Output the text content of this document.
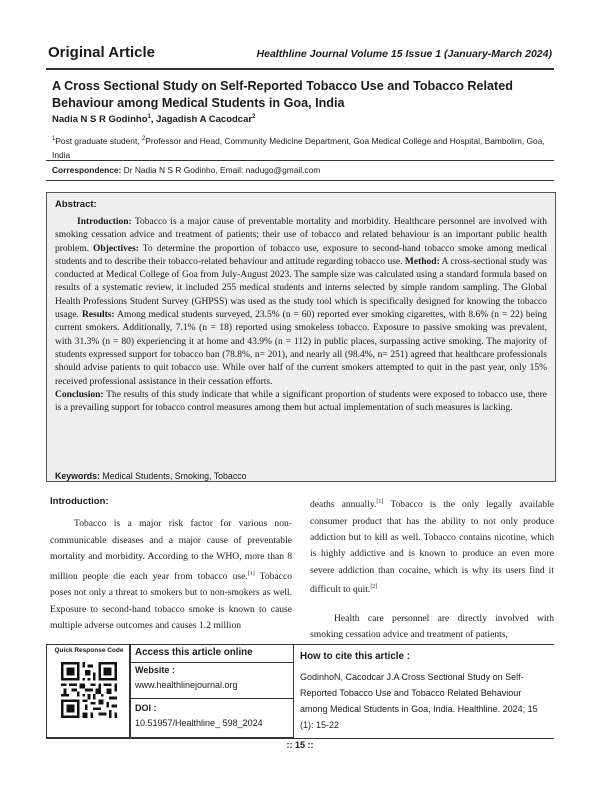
Original Article	Healthline Journal Volume 15 Issue 1 (January-March 2024)
A Cross Sectional Study on Self-Reported Tobacco Use and Tobacco Related Behaviour among Medical Students in Goa, India
Nadia N S R Godinho$^1$, Jagadish A Cacodcar$^2$
$^1$Post graduate student, $^2$Professor and Head, Community Medicine Department, Goa Medical College and Hospital, Bambolim, Goa, India
Correspondence: Dr Nadia N S R Godinho, Email: nadugo@gmail.com
Abstract:

Introduction: Tobacco is a major cause of preventable mortality and morbidity. Healthcare personnel are involved with smoking cessation advice and treatment of patients; their use of tobacco and related behaviour is an important public health problem. Objectives: To determine the proportion of tobacco use, exposure to second-hand tobacco smoke among medical students and to describe their tobacco-related behaviour and attitude regarding tobacco use. Method: A cross-sectional study was conducted at Medical College of Goa from July-August 2023. The sample size was calculated using a standard formula based on results of a systematic review, it included 255 medical students and interns selected by simple random sampling. The Global Health Professions Student Survey (GHPSS) was used as the study tool which is specifically designed for knowing the tobacco usage. Results: Among medical students surveyed, 23.5% (n = 60) reported ever smoking cigarettes, with 8.6% (n = 22) being current smokers. Additionally, 7.1% (n = 18) reported using smokeless tobacco. Exposure to passive smoking was prevalent, with 31.3% (n = 80) experiencing it at home and 43.9% (n = 112) in public places, surpassing active smoking. The majority of students expressed support for tobacco ban (78.8%, n= 201), and nearly all (98.4%, n= 251) agreed that healthcare professionals should advise patients to quit tobacco use. While over half of the current smokers attempted to quit in the past year, only 15% received professional assistance in their cessation efforts.

Conclusion: The results of this study indicate that while a significant proportion of students were exposed to tobacco use, there is a prevailing support for tobacco control measures among them but actual implementation of such measures is lacking.

Keywords: Medical Students, Smoking, Tobacco
Introduction:

Tobacco is a major risk factor for various non-communicable diseases and a major cause of preventable mortality and morbidity. According to the WHO, more than 8 million people die each year from tobacco use.[1] Tobacco poses not only a threat to smokers but to non-smokers as well. Exposure to second-hand tobacco smoke is known to cause multiple adverse outcomes and causes 1.2 million

deaths annually.[1] Tobacco is the only legally available consumer product that has the ability to not only produce addiction but to kill as well. Tobacco contains nicotine, which is highly addictive and is known to produce an even more severe addiction than cocaine, which is why its users find it difficult to quit.[2]

Health care personnel are directly involved with smoking cessation advice and treatment of patients,

Quick Response Code	Access this article online
Website :
www.healthlinejournal.org
DOI :
10.51957/Healthline_ 598_2024
How to cite this article :
GodinhoN, Cacodcar J.A Cross Sectional Study on Self-Reported Tobacco Use and Tobacco Related Behaviour among Medical Students in Goa, India. Healthline. 2024; 15 (1): 15-22
:: 15 ::
